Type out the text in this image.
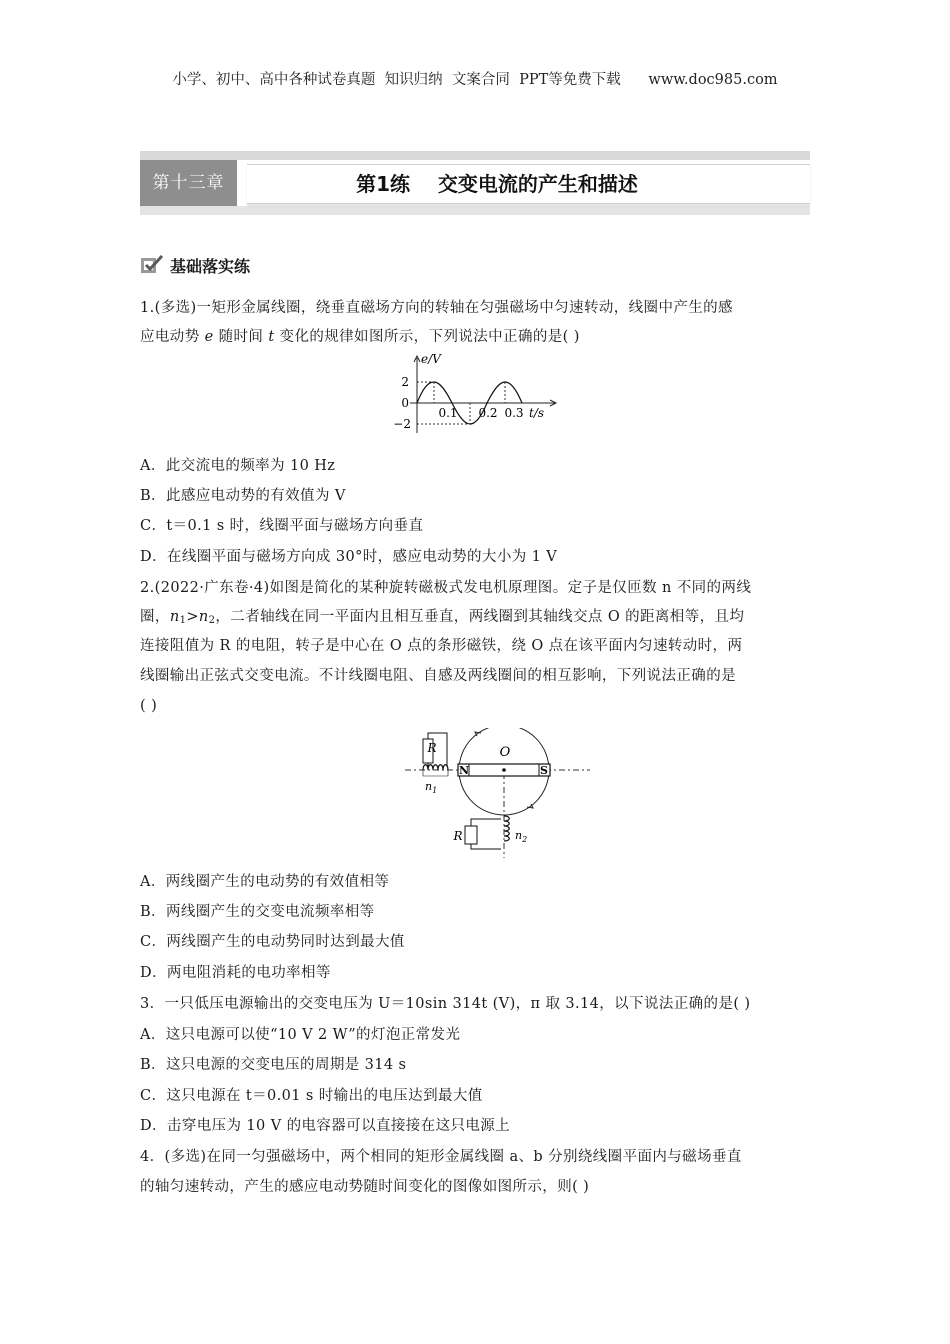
小学、初中、高中各种试卷真题  知识归纳  文案合同  PPT等免费下载      www.doc985.com
第十三章	第1练    交变电流的产生和描述
基础落实练
1.(多选)一矩形金属线圈，绕垂直磁场方向的转轴在匀强磁场中匀速转动，线圈中产生的感
应电动势 e 随时间 t 变化的规律如图所示，下列说法中正确的是( )
e/V
2
0
−2
0.1 0.2 0.3 t/s
A．此交流电的频率为 10 Hz
B．此感应电动势的有效值为 V
C．t＝0.1 s 时，线圈平面与磁场方向垂直
D．在线圈平面与磁场方向成 30°时，感应电动势的大小为 1 V
2.(2022·广东卷·4)如图是简化的某种旋转磁极式发电机原理图。定子是仅匝数 n 不同的两线
圈，$n_1>n_2$，二者轴线在同一平面内且相互垂直，两线圈到其轴线交点 O 的距离相等，且均
连接阻值为 R 的电阻，转子是中心在 O 点的条形磁铁，绕 O 点在该平面内匀速转动时，两
线圈输出正弦式交变电流。不计线圈电阻、自感及两线圈间的相互影响，下列说法正确的是
( )
N	S
O
R
$n_1$
R	$n_2$
A．两线圈产生的电动势的有效值相等
B．两线圈产生的交变电流频率相等
C．两线圈产生的电动势同时达到最大值
D．两电阻消耗的电功率相等
3．一只低压电源输出的交变电压为 U＝10sin 314t (V)，π 取 3.14，以下说法正确的是( )
A．这只电源可以使“10 V 2 W”的灯泡正常发光
B．这只电源的交变电压的周期是 314 s
C．这只电源在 t＝0.01 s 时输出的电压达到最大值
D．击穿电压为 10 V 的电容器可以直接接在这只电源上
4．(多选)在同一匀强磁场中，两个相同的矩形金属线圈 a、b 分别绕线圈平面内与磁场垂直
的轴匀速转动，产生的感应电动势随时间变化的图像如图所示，则( )
